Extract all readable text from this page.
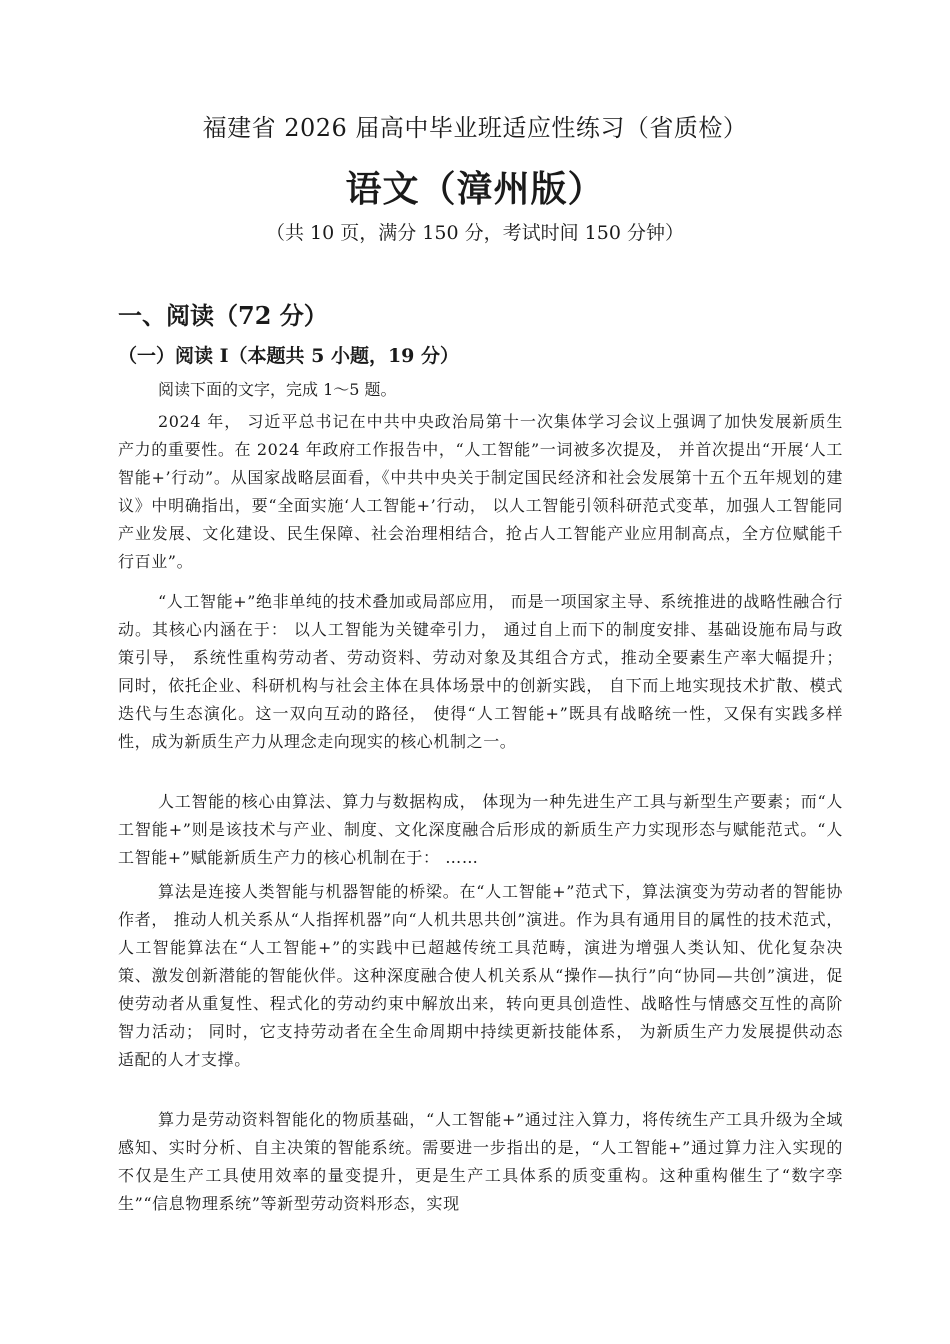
福建省 2026 届高中毕业班适应性练习（省质检）
语文（漳州版）
（共 10 页，满分 150 分，考试时间 150 分钟）
一、阅读（72 分）
（一）阅读 I（本题共 5 小题，19 分）
阅读下面的文字，完成 1～5 题。

2024 年， 习近平总书记在中共中央政治局第十一次集体学习会议上强调了加快发展新质生产力的重要性。在 2024 年政府工作报告中，“人工智能”一词被多次提及， 并首次提出“开展‘人工智能+’行动”。从国家战略层面看，《中共中央关于制定国民经济和社会发展第十五个五年规划的建议》中明确指出，要“全面实施‘人工智能+’行动， 以人工智能引领科研范式变革，加强人工智能同产业发展、文化建设、民生保障、社会治理相结合，抢占人工智能产业应用制高点，全方位赋能千行百业”。

“人工智能+”绝非单纯的技术叠加或局部应用， 而是一项国家主导、系统推进的战略性融合行动。其核心内涵在于： 以人工智能为关键牵引力， 通过自上而下的制度安排、基础设施布局与政策引导， 系统性重构劳动者、劳动资料、劳动对象及其组合方式，推动全要素生产率大幅提升； 同时，依托企业、科研机构与社会主体在具体场景中的创新实践， 自下而上地实现技术扩散、模式迭代与生态演化。这一双向互动的路径， 使得“人工智能+”既具有战略统一性，又保有实践多样性，成为新质生产力从理念走向现实的核心机制之一。

人工智能的核心由算法、算力与数据构成， 体现为一种先进生产工具与新型生产要素；而“人工智能+”则是该技术与产业、制度、文化深度融合后形成的新质生产力实现形态与赋能范式。“人工智能+”赋能新质生产力的核心机制在于： ……

算法是连接人类智能与机器智能的桥梁。在“人工智能+”范式下，算法演变为劳动者的智能协作者， 推动人机关系从“人指挥机器”向“人机共思共创”演进。作为具有通用目的属性的技术范式，人工智能算法在“人工智能+”的实践中已超越传统工具范畴，演进为增强人类认知、优化复杂决策、激发创新潜能的智能伙伴。这种深度融合使人机关系从“操作—执行”向“协同—共创”演进，促使劳动者从重复性、程式化的劳动约束中解放出来，转向更具创造性、战略性与情感交互性的高阶智力活动； 同时，它支持劳动者在全生命周期中持续更新技能体系， 为新质生产力发展提供动态适配的人才支撑。

算力是劳动资料智能化的物质基础，“人工智能+”通过注入算力，将传统生产工具升级为全域感知、实时分析、自主决策的智能系统。需要进一步指出的是，“人工智能+”通过算力注入实现的不仅是生产工具使用效率的量变提升，更是生产工具体系的质变重构。这种重构催生了“数字孪生”“信息物理系统”等新型劳动资料形态，实现
